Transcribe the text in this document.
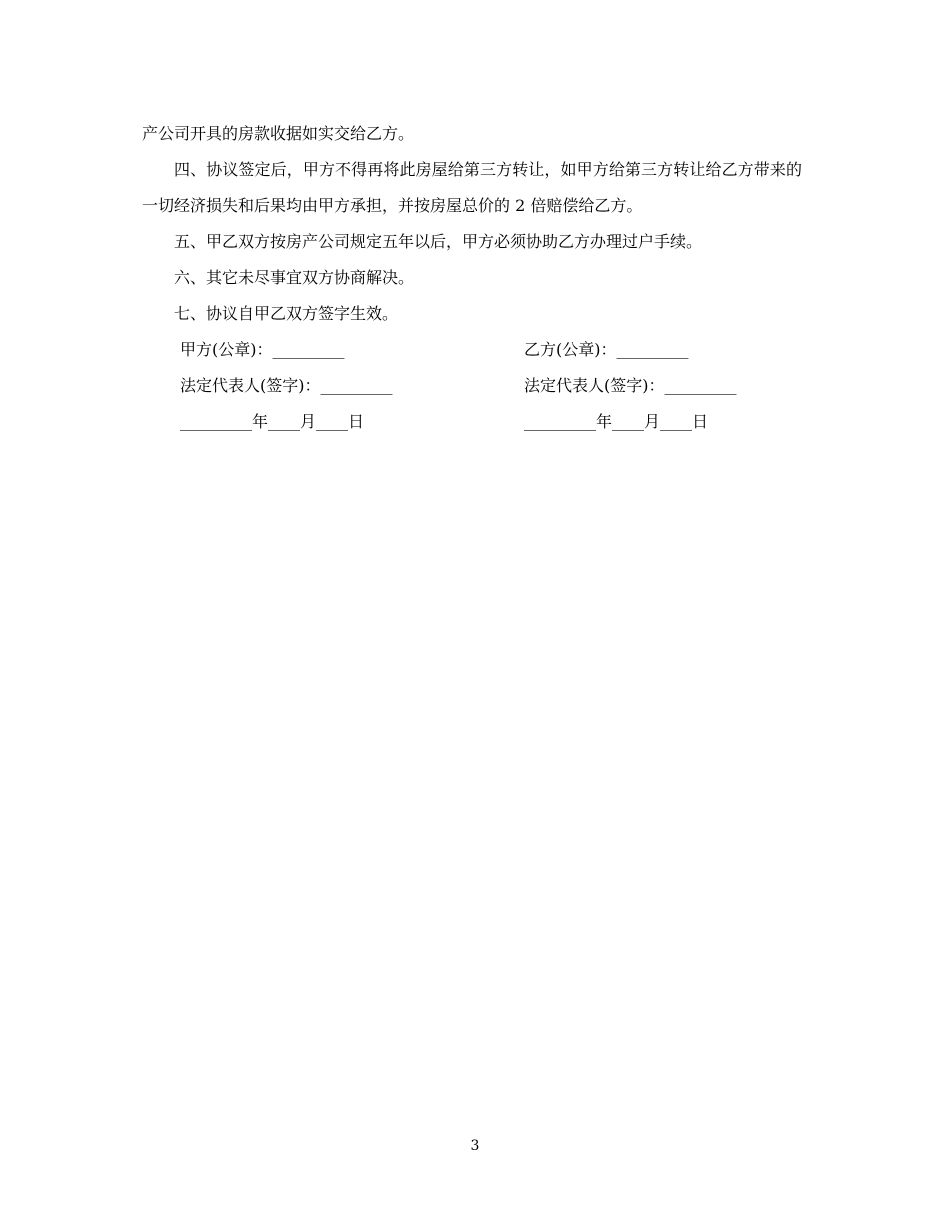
产公司开具的房款收据如实交给乙方。

四、协议签定后，甲方不得再将此房屋给第三方转让，如甲方给第三方转让给乙方带来的一切经济损失和后果均由甲方承担，并按房屋总价的 2 倍赔偿给乙方。

五、甲乙双方按房产公司规定五年以后，甲方必须协助乙方办理过户手续。

六、其它未尽事宜双方协商解决。

七、协议自甲乙双方签字生效。

甲方(公章)：_________	乙方(公章)：_________
法定代表人(签字)：_________	法定代表人(签字)：_________
_________年____月____日	_________年____月____日
3
